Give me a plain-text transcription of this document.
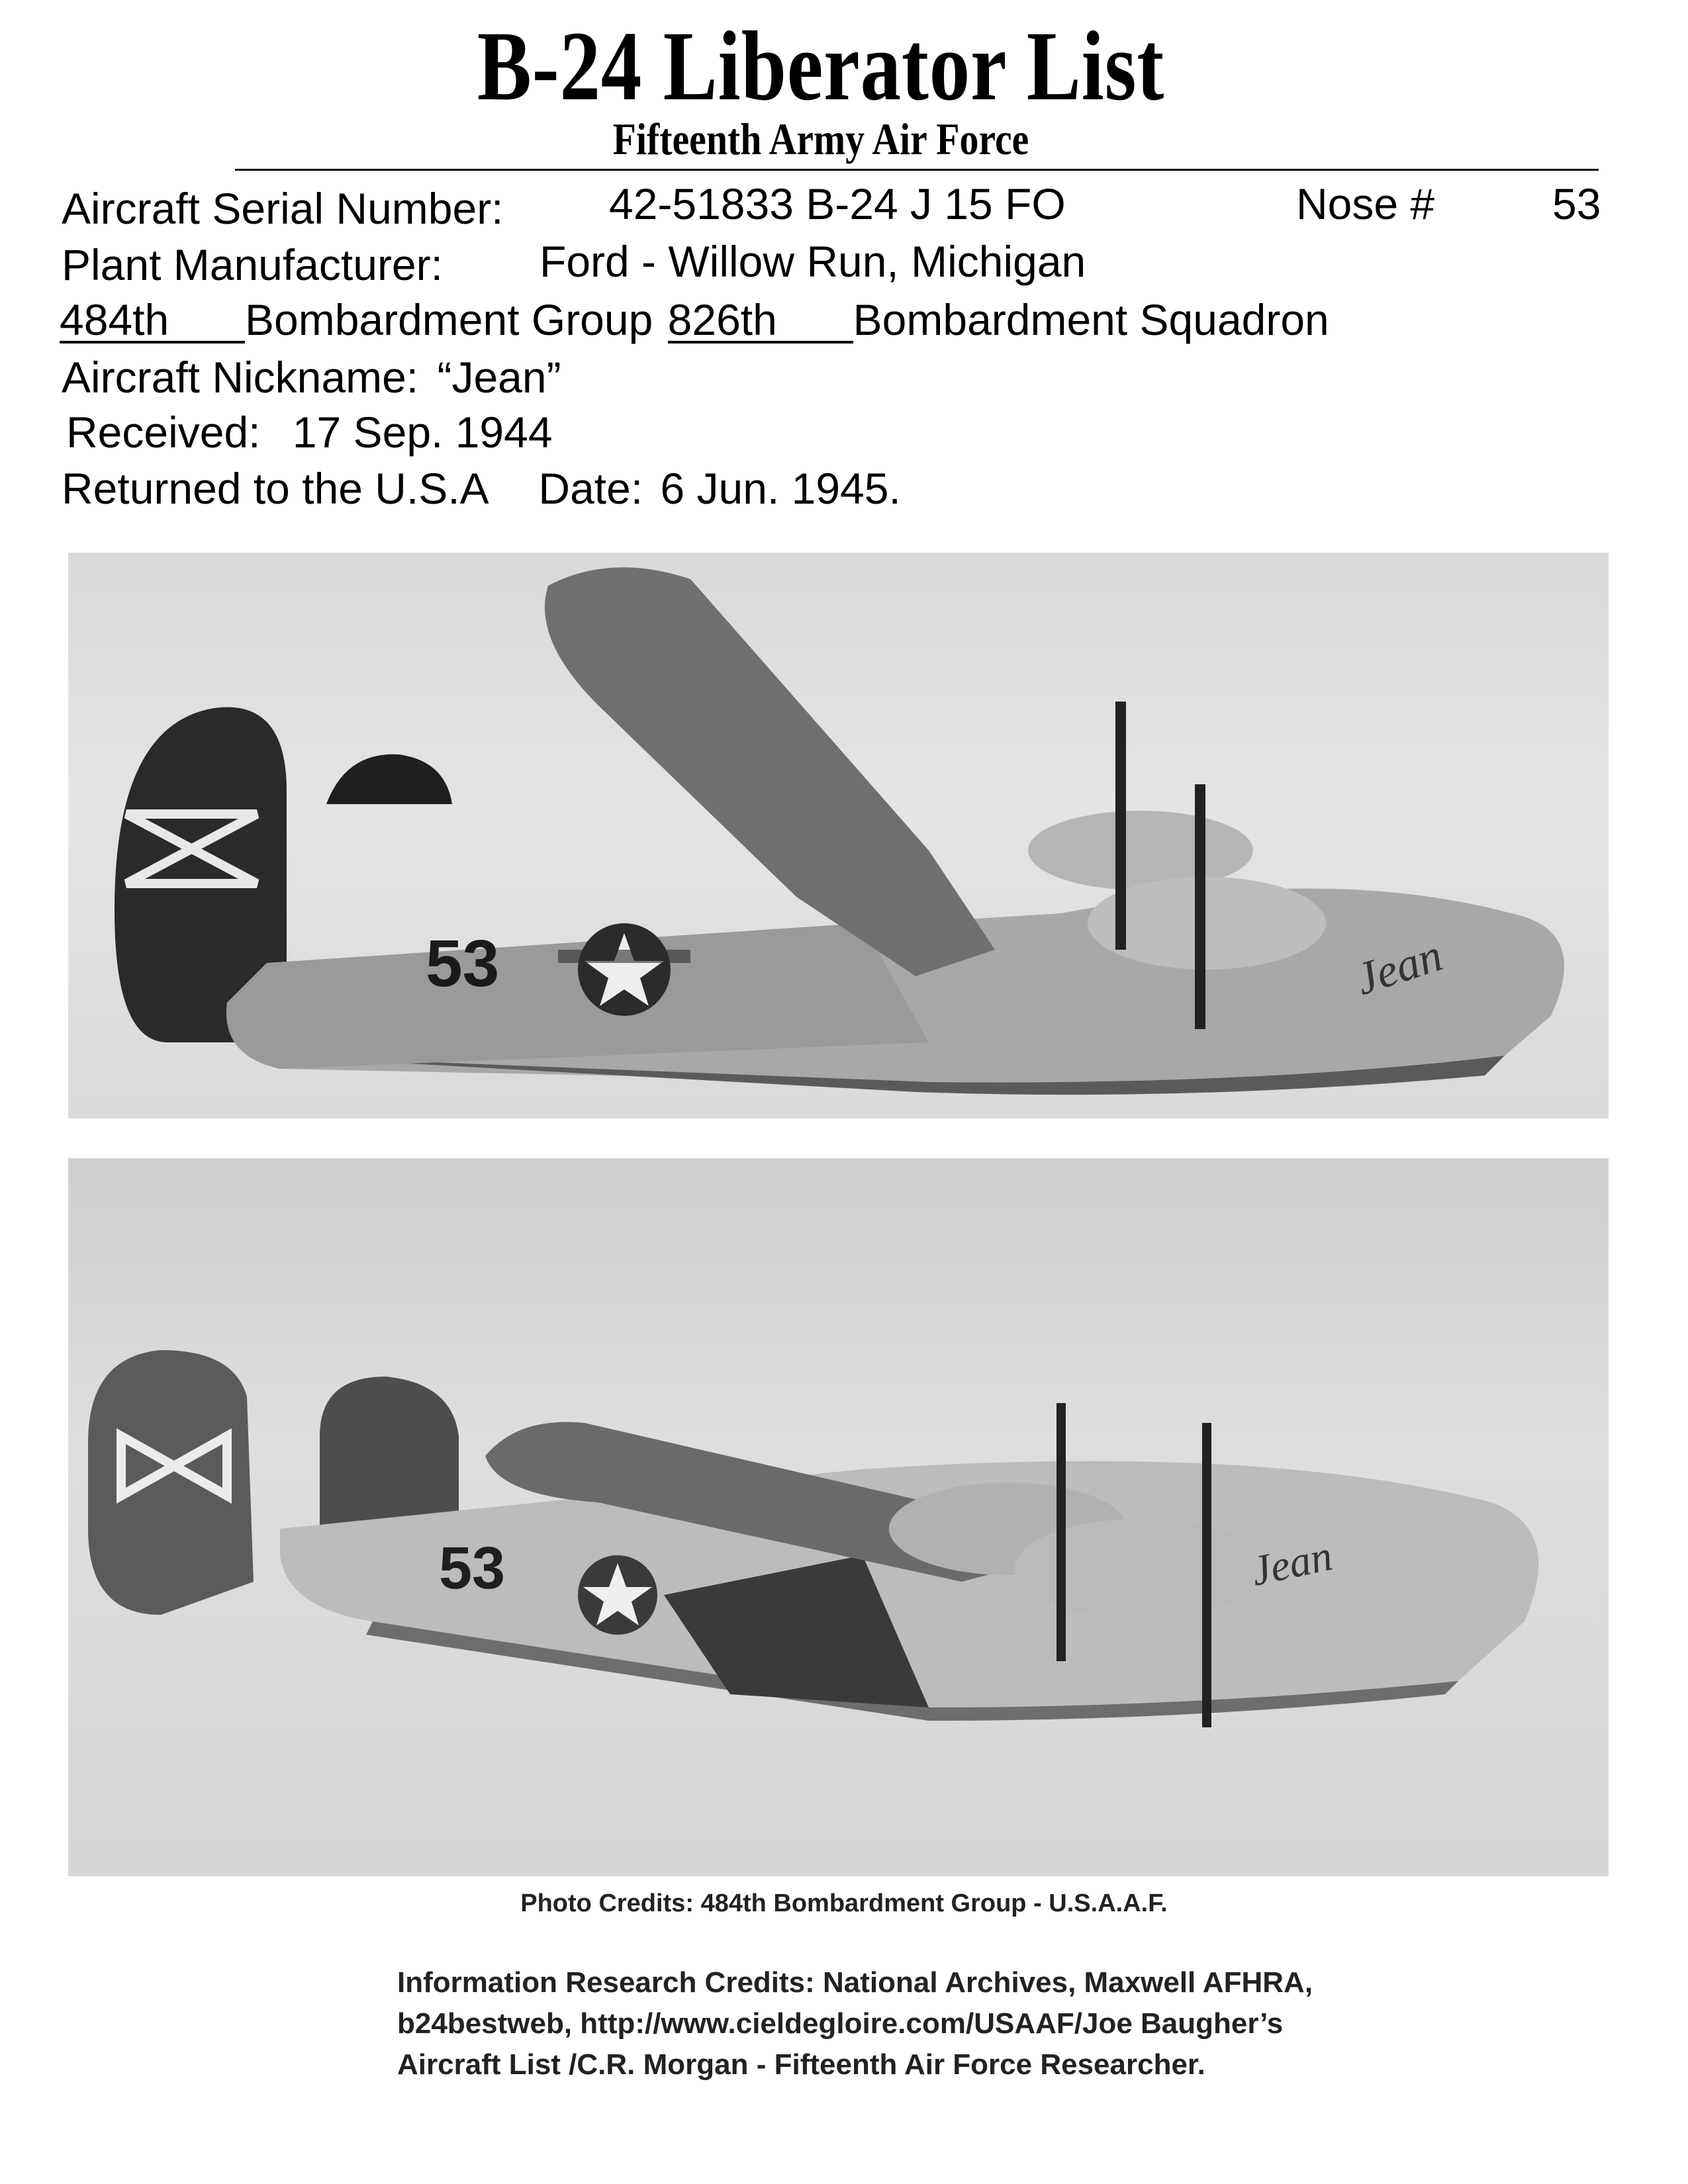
B-24 Liberator List
Fifteenth Army Air Force
Aircraft Serial Number: 42-51833 B-24 J 15 FO	Nose #	53
Plant Manufacturer: Ford - Willow Run, Michigan
484th Bombardment Group 826th Bombardment Squadron
Aircraft Nickname: “Jean”
Received: 17 Sep. 1944
Returned to the U.S.A Date: 6 Jun. 1945.
53	Jean
53	Jean
Photo Credits: 484th Bombardment Group - U.S.A.A.F.
Information Research Credits: National Archives, Maxwell AFHRA, b24bestweb, http://www.cieldegloire.com/USAAF/Joe Baugher’s Aircraft List /C.R. Morgan - Fifteenth Air Force Researcher.
